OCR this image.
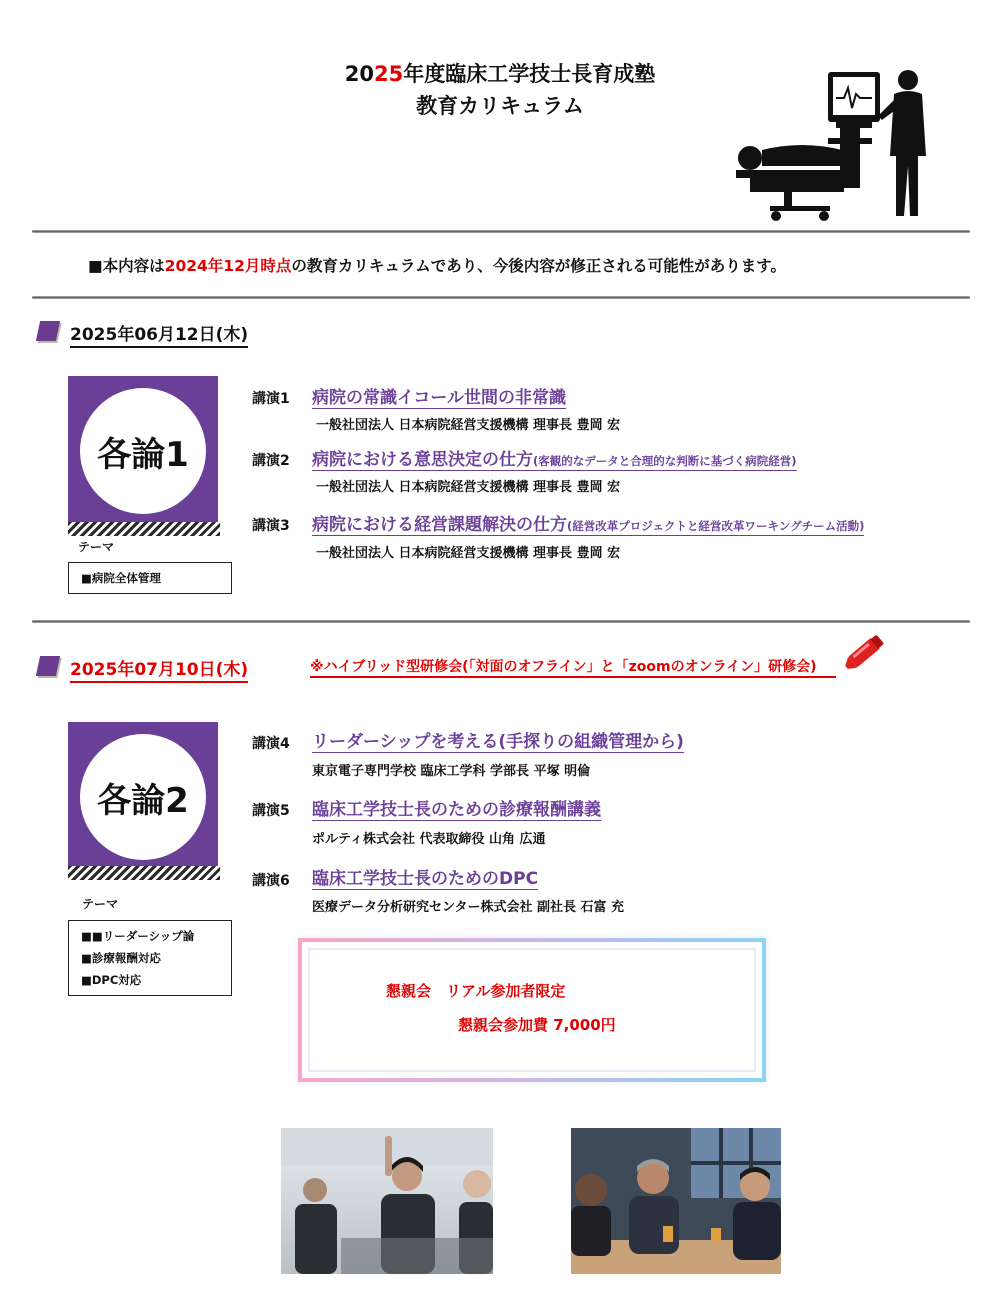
2025年度臨床工学技士長育成塾
教育カリキュラム
■本内容は2024年12月時点の教育カリキュラムであり、今後内容が修正される可能性があります。
2025年06月12日(木)
各論1
テーマ
■病院全体管理
講演1 病院の常識イコール世間の非常識
一般社団法人 日本病院経営支援機構 理事長 豊岡 宏
講演2 病院における意思決定の仕方(客観的なデータと合理的な判断に基づく病院経営)
一般社団法人 日本病院経営支援機構 理事長 豊岡 宏
講演3 病院における経営課題解決の仕方(経営改革プロジェクトと経営改革ワーキングチーム活動)
一般社団法人 日本病院経営支援機構 理事長 豊岡 宏
2025年07月10日(木)	※ハイブリッド型研修会(「対面のオフライン」と「zoomのオンライン」研修会)
各論2
テーマ
■■リーダーシップ論
■診療報酬対応
■DPC対応
講演4 リーダーシップを考える(手探りの組織管理から)
東京電子専門学校 臨床工学科 学部長 平塚 明倫
講演5 臨床工学技士長のための診療報酬講義
ポルティ株式会社 代表取締役 山角 広通
講演6 臨床工学技士長のためのDPC
医療データ分析研究センター株式会社 副社長 石富 充
懇親会　リアル参加者限定
懇親会参加費 7,000円
